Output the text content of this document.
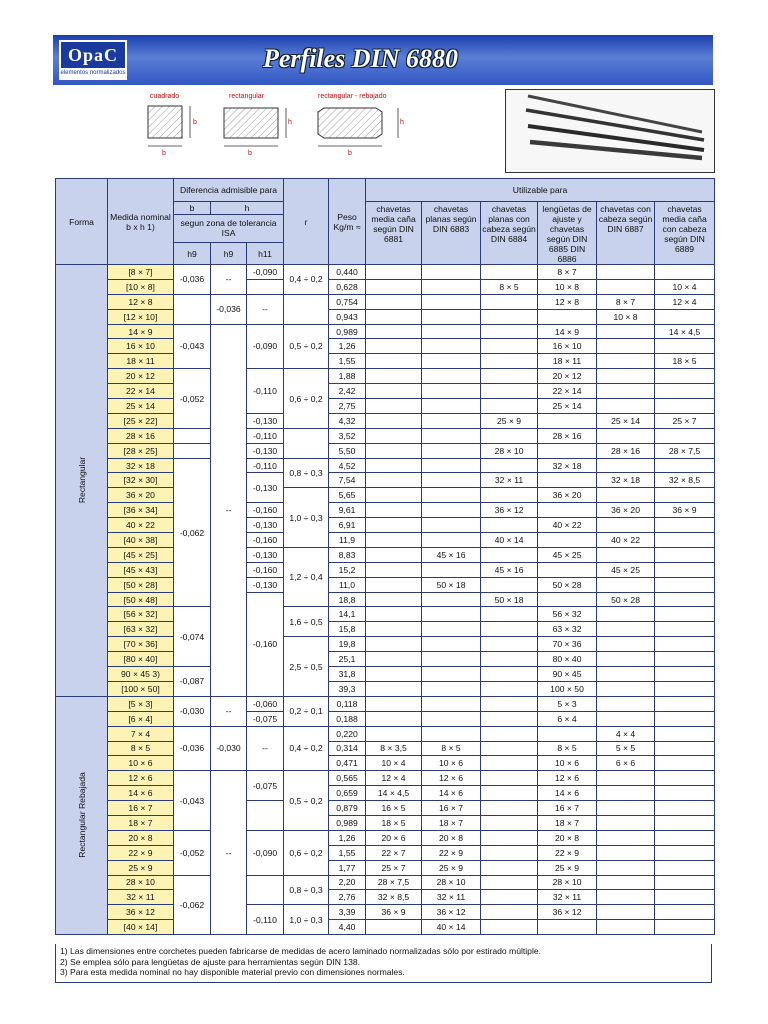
OpaC
elementos normalizados	Perfiles DIN 6880
cuadrado	rectangular	rectangular - rebajado
b
b
h
b
h
b
Forma	Medida nominal b x h 1)	Diferencia admisible para			r	Peso Kg/m ≈	Utilizable para					
		b	h				chavetas media caña según DIN 6881	chavetas planas según DIN 6883	chavetas planas con cabeza según DIN 6884	lengüetas de ajuste y chavetas según DIN 6885 DIN 6886	chavetas con cabeza según DIN 6887	chavetas media caña con cabeza según DIN 6889
		segun zona de tolerancia ISA										
		h9	h9	h11								

Rectangular	[8 × 7]	-0,036	--	-0,090	0,4 ÷ 0,2	0,440				8 × 7		
	[10 × 8]					0,628			8 × 5	10 × 8		10 × 4
	12 × 8		-0,036	--		0,754				12 × 8	8 × 7	12 × 4
	[12 × 10]					0,943					10 × 8	
	14 × 9	-0,043	--	-0,090	0,5 ÷ 0,2	0,989				14 × 9		14 × 4,5
	16 × 10					1,26				16 × 10		
	18 × 11					1,55				18 × 11		18 × 5
	20 × 12	-0,052		-0,110	0,6 ÷ 0,2	1,88				20 × 12		
	22 × 14					2,42				22 × 14		
	25 × 14					2,75				25 × 14		
	[25 × 22]			-0,130		4,32			25 × 9		25 × 14	25 × 7
	28 × 16			-0,110		3,52				28 × 16		
	[28 × 25]			-0,130		5,50			28 × 10		28 × 16	28 × 7,5
	32 × 18	-0,062		-0,110	0,8 ÷ 0,3	4,52				32 × 18		
	[32 × 30]			-0,130		7,54			32 × 11		32 × 18	32 × 8,5
	36 × 20				1,0 ÷ 0,3	5,65				36 × 20		
	[36 × 34]			-0,160		9,61			36 × 12		36 × 20	36 × 9
	40 × 22			-0,130		6,91				40 × 22		
	[40 × 38]			-0,160		11,9			40 × 14		40 × 22	
	[45 × 25]			-0,130	1,2 ÷ 0,4	8,83		45 × 16		45 × 25		
	[45 × 43]			-0,160		15,2			45 × 16		45 × 25	
	[50 × 28]			-0,130		11,0		50 × 18		50 × 28		
	[50 × 48]			-0,160		18,8			50 × 18		50 × 28	
	[56 × 32]	-0,074			1,6 ÷ 0,5	14,1				56 × 32		
	[63 × 32]					15,8				63 × 32		
	[70 × 36]				2,5 ÷ 0,5	19,8				70 × 36		
	[80 × 40]					25,1				80 × 40		
	90 × 45 3)	-0,087				31,8				90 × 45		
	[100 × 50]					39,3				100 × 50		

Rectangular Rebajada	[5 × 3]	-0,030	--	-0,060	0,2 ÷ 0,1	0,118				5 × 3		
	[6 × 4]			-0,075		0,188				6 × 4		
	7 × 4	-0,036	-0,030	--	0,4 ÷ 0,2	0,220					4 × 4	
	8 × 5					0,314	8 × 3,5	8 × 5		8 × 5	5 × 5	
	10 × 6					0,471	10 × 4	10 × 6		10 × 6	6 × 6	
	12 × 6	-0,043	--	-0,075	0,5 ÷ 0,2	0,565	12 × 4	12 × 6		12 × 6		
	14 × 6					0,659	14 × 4,5	14 × 6		14 × 6		
	16 × 7					0,879	16 × 5	16 × 7		16 × 7		
	18 × 7					0,989	18 × 5	18 × 7		18 × 7		
	20 × 8	-0,052		-0,090	0,6 ÷ 0,2	1,26	20 × 6	20 × 8		20 × 8		
	22 × 9					1,55	22 × 7	22 × 9		22 × 9		
	25 × 9					1,77	25 × 7	25 × 9		25 × 9		
	28 × 10	-0,062			0,8 ÷ 0,3	2,20	28 × 7,5	28 × 10		28 × 10		
	32 × 11					2,76	32 × 8,5	32 × 11		32 × 11		
	36 × 12			-0,110	1,0 ÷ 0,3	3,39	36 × 9	36 × 12		36 × 12		
	[40 × 14]					4,40		40 × 14				
1) Las dimensiones entre corchetes pueden fabricarse de medidas de acero laminado normalizadas sólo por estirado múltiple.
2) Se emplea sólo para lengüetas de ajuste para herramientas según DIN 138.
3) Para esta medida nominal no hay disponible material previo con dimensiones normales.
